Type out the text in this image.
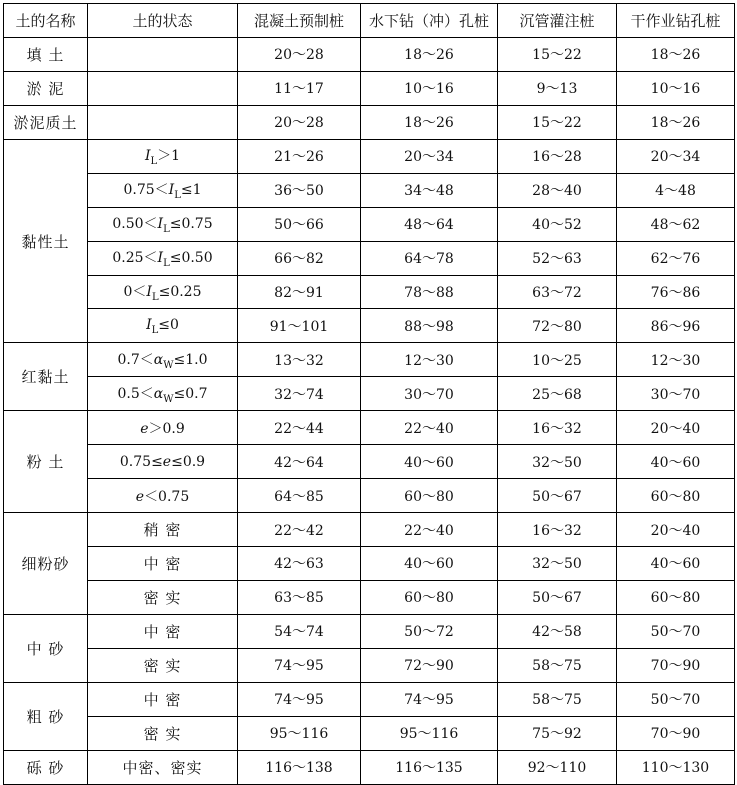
土的名称	土的状态	混凝土预制桩	水下钻（冲）孔桩	沉管灌注桩	干作业钻孔桩
填 土		20～28	18～26	15～22	18～26
淤 泥		11～17	10～16	9～13	10～16
淤泥质土		20～28	18～26	15～22	18～26
黏性土	$I_L>1$	21～26	20～34	16～28	20～34
	$0.75<I_L\le 1$	36～50	34～48	28～40	4～48
	$0.50<I_L\le 0.75$	50～66	48～64	40～52	48～62
	$0.25<I_L\le 0.50$	66～82	64～78	52～63	62～76
	$0<I_L\le 0.25$	82～91	78～88	63～72	76～86
	$I_L\le 0$	91～101	88～98	72～80	86～96
红黏土	$0.7<\alpha_W\le 1.0$	13～32	12～30	10～25	12～30
	$0.5<\alpha_W\le 0.7$	32～74	30～70	25～68	30～70
粉 土	e＞0.9	22～44	22～40	16～32	20～40
	0.75≤e≤0.9	42～64	40～60	32～50	40～60
	e＜0.75	64～85	60～80	50～67	60～80
细粉砂	稍 密	22～42	22～40	16～32	20～40
	中 密	42～63	40～60	32～50	40～60
	密 实	63～85	60～80	50～67	60～80
中 砂	中 密	54～74	50～72	42～58	50～70
	密 实	74～95	72～90	58～75	70～90
粗 砂	中 密	74～95	74～95	58～75	50～70
	密 实	95～116	95～116	75～92	70～90
砾 砂	中密、密实	116～138	116～135	92～110	110～130
